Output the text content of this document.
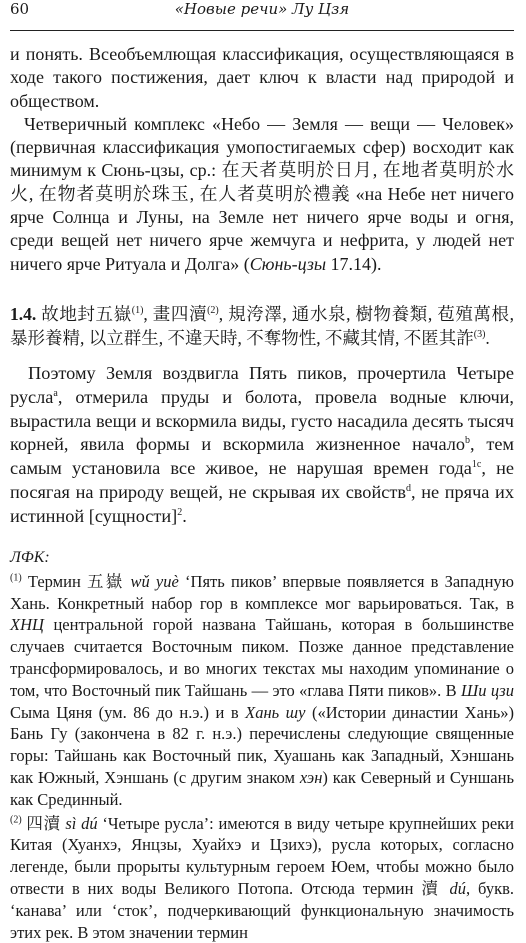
60	«Новые речи» Лу Цзя

и понять. Всеобъемлющая классификация, осуществляющаяся в ходе такого постижения, дает ключ к власти над природой и обществом.

Четверичный комплекс «Небо — Земля — вещи — Человек» (первичная классификация умопостигаемых сфер) восходит как минимум к Сюнь-цзы, ср.: 在天者莫明於日月, 在地者莫明於水火, 在物者莫明於珠玉, 在人者莫明於禮義 «на Небе нет ничего ярче Солнца и Луны, на Земле нет ничего ярче воды и огня, среди вещей нет ничего ярче жемчуга и нефрита, у людей нет ничего ярче Ритуала и Долга» (Сюнь-цзы 17.14).

1.4. 故地封五嶽$^{(1)}$, 畫四瀆$^{(2)}$, 規洿澤, 通水泉, 樹物養類, 苞殖萬根, 暴形養精, 以立群生, 不違天時, 不奪物性, 不藏其情, 不匿其詐$^{(3)}$.

Поэтому Земля воздвигла Пять пиков, прочертила Четыре русла$^a$, отмерила пруды и болота, провела водные ключи, вырастила вещи и вскормила виды, густо насадила десять тысяч корней, явила формы и вскормила жизненное начало$^b$, тем самым установила все живое, не нарушая времен года$^{1c}$, не посягая на природу вещей, не скрывая их свойств$^d$, не пряча их истинной [сущности]$^2$.

ЛФК:

$^{(1)}$ Термин 五嶽 wǔ yuè ‘Пять пиков’ впервые появляется в Западную Хань. Конкретный набор гор в комплексе мог варьироваться. Так, в ХНЦ центральной горой названа Тайшань, которая в большинстве случаев считается Восточным пиком. Позже данное представление трансформировалось, и во многих текстах мы находим упоминание о том, что Восточный пик Тайшань — это «глава Пяти пиков». В Ши цзи Сыма Цяня (ум. 86 до н.э.) и в Хань шу («Истории династии Хань») Бань Гу (закончена в 82 г. н.э.) перечислены следующие священные горы: Тайшань как Восточный пик, Хуашань как Западный, Хэншань как Южный, Хэншань (с другим знаком хэн) как Северный и Суншань как Срединный.

$^{(2)}$ 四瀆 sì dú ‘Четыре русла’: имеются в виду четыре крупнейших реки Китая (Хуанхэ, Янцзы, Хуайхэ и Цзихэ), русла которых, согласно легенде, были прорыты культурным героем Юем, чтобы можно было отвести в них воды Великого Потопа. Отсюда термин 瀆 dú, букв. ‘канава’ или ‘сток’, подчеркивающий функциональную значимость этих рек. В этом значении термин
